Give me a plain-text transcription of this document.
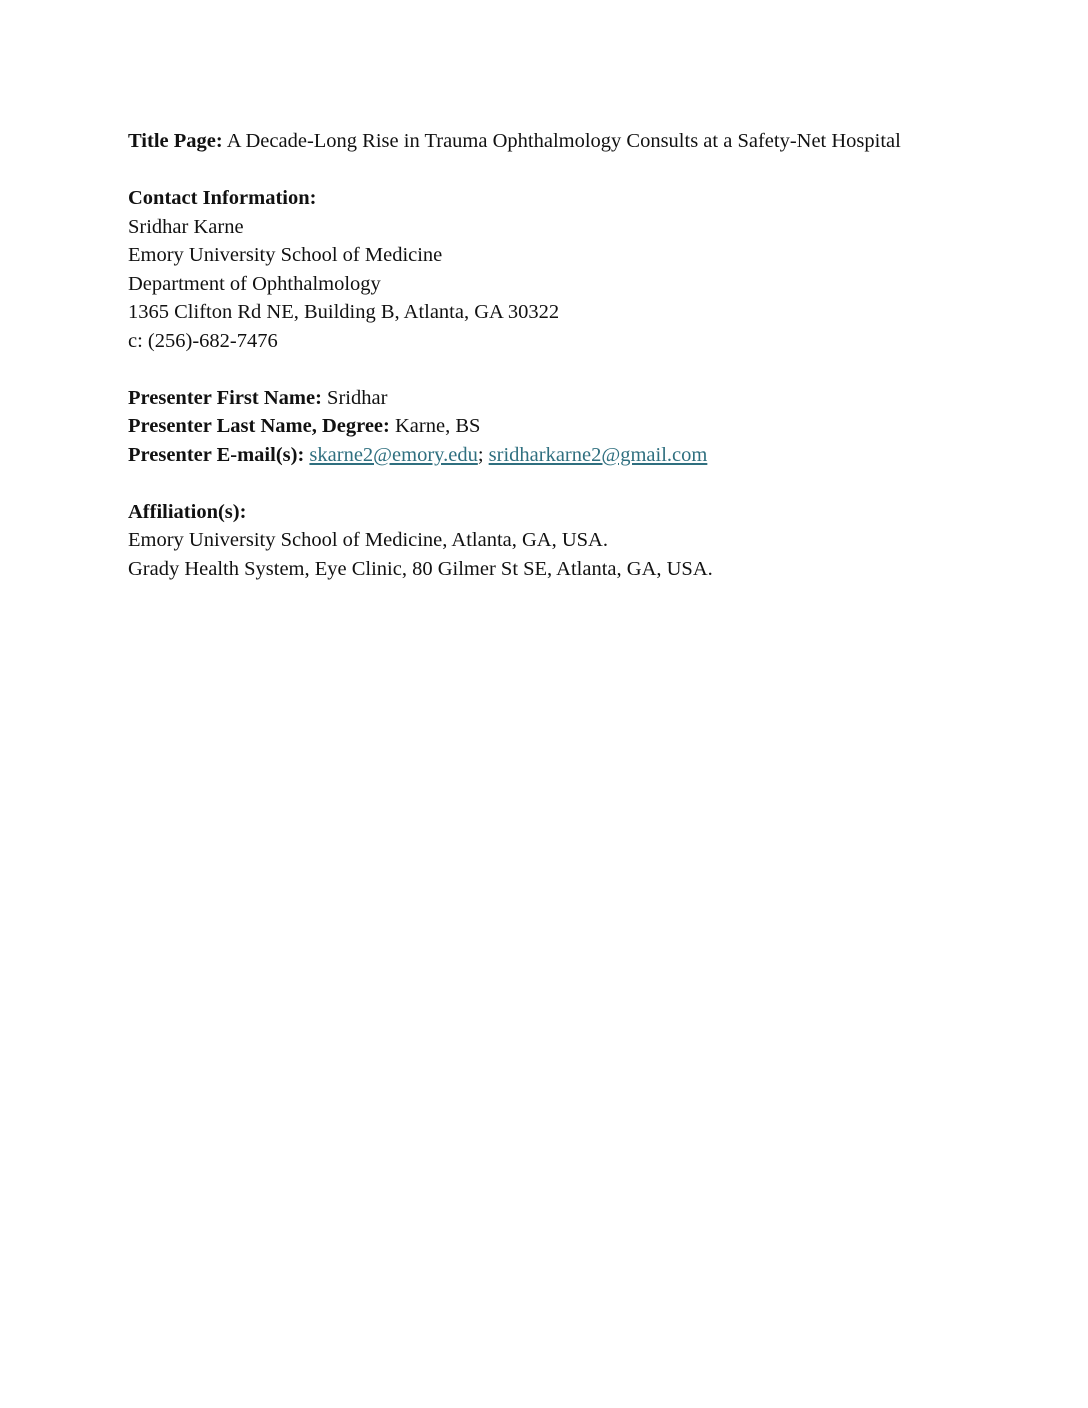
Title Page: A Decade-Long Rise in Trauma Ophthalmology Consults at a Safety-Net Hospital

Contact Information:

Sridhar Karne

Emory University School of Medicine

Department of Ophthalmology

1365 Clifton Rd NE, Building B, Atlanta, GA 30322

c: (256)-682-7476

Presenter First Name: Sridhar

Presenter Last Name, Degree: Karne, BS

Presenter E-mail(s): skarne2@emory.edu; sridharkarne2@gmail.com

Affiliation(s):

Emory University School of Medicine, Atlanta, GA, USA.

Grady Health System, Eye Clinic, 80 Gilmer St SE, Atlanta, GA, USA.
